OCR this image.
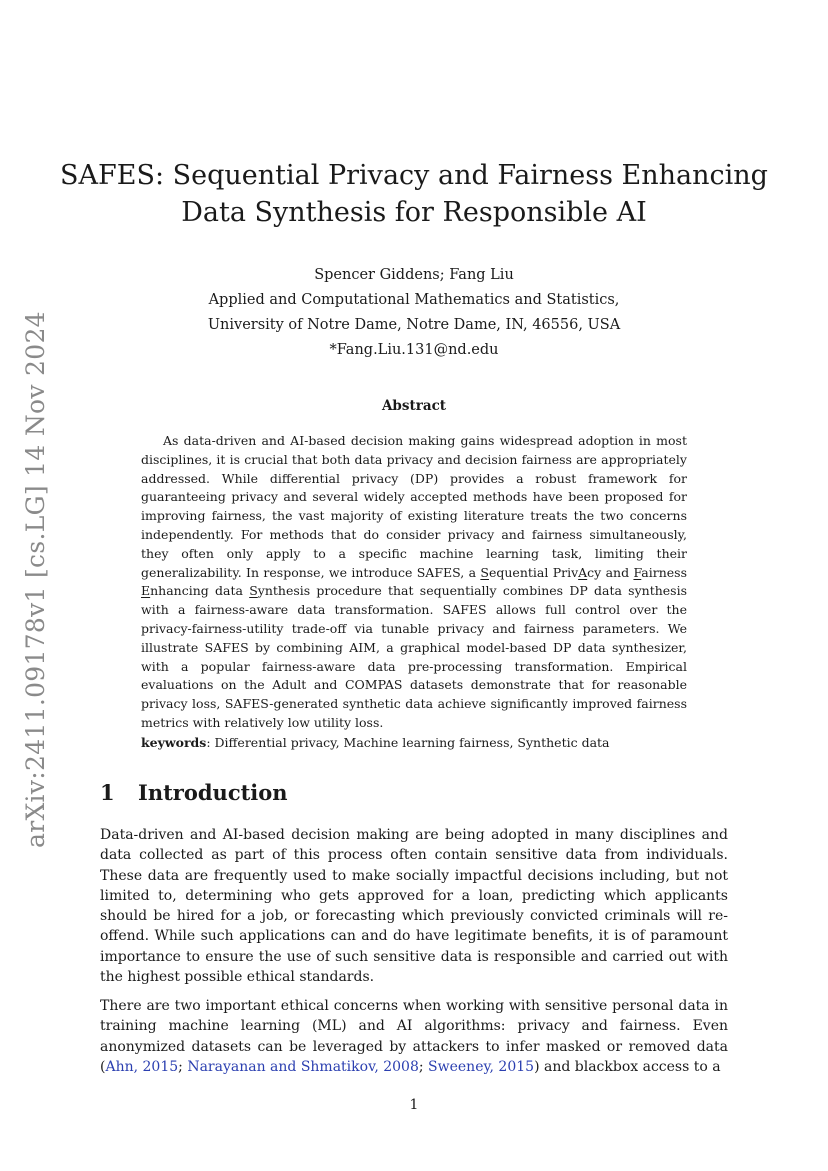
arXiv:2411.09178v1 [cs.LG] 14 Nov 2024
SAFES: Sequential Privacy and Fairness Enhancing
Data Synthesis for Responsible AI
Spencer Giddens; Fang Liu
Applied and Computational Mathematics and Statistics,
University of Notre Dame, Notre Dame, IN, 46556, USA
*Fang.Liu.131@nd.edu
Abstract

As data-driven and AI-based decision making gains widespread adoption in most disciplines, it is crucial that both data privacy and decision fairness are appropriately addressed. While differential privacy (DP) provides a robust framework for guaranteeing privacy and several widely accepted methods have been proposed for improving fairness, the vast majority of existing literature treats the two concerns independently. For methods that do consider privacy and fairness simultaneously, they often only apply to a specific machine learning task, limiting their generalizability. In response, we introduce SAFES, a Sequential PrivAcy and Fairness Enhancing data Synthesis procedure that sequentially combines DP data synthesis with a fairness-aware data transformation. SAFES allows full control over the privacy-fairness-utility trade-off via tunable privacy and fairness parameters. We illustrate SAFES by combining AIM, a graphical model-based DP data synthesizer, with a popular fairness-aware data pre-processing transformation. Empirical evaluations on the Adult and COMPAS datasets demonstrate that for reasonable privacy loss, SAFES-generated synthetic data achieve significantly improved fairness metrics with relatively low utility loss.

keywords: Differential privacy, Machine learning fairness, Synthetic data
1 Introduction

Data-driven and AI-based decision making are being adopted in many disciplines and data collected as part of this process often contain sensitive data from individuals. These data are frequently used to make socially impactful decisions including, but not limited to, determining who gets approved for a loan, predicting which applicants should be hired for a job, or forecasting which previously convicted criminals will re-offend. While such applications can and do have legitimate benefits, it is of paramount importance to ensure the use of such sensitive data is responsible and carried out with the highest possible ethical standards.

There are two important ethical concerns when working with sensitive personal data in training machine learning (ML) and AI algorithms: privacy and fairness. Even anonymized datasets can be leveraged by attackers to infer masked or removed data (Ahn, 2015; Narayanan and Shmatikov, 2008; Sweeney, 2015) and blackbox access to a

1
